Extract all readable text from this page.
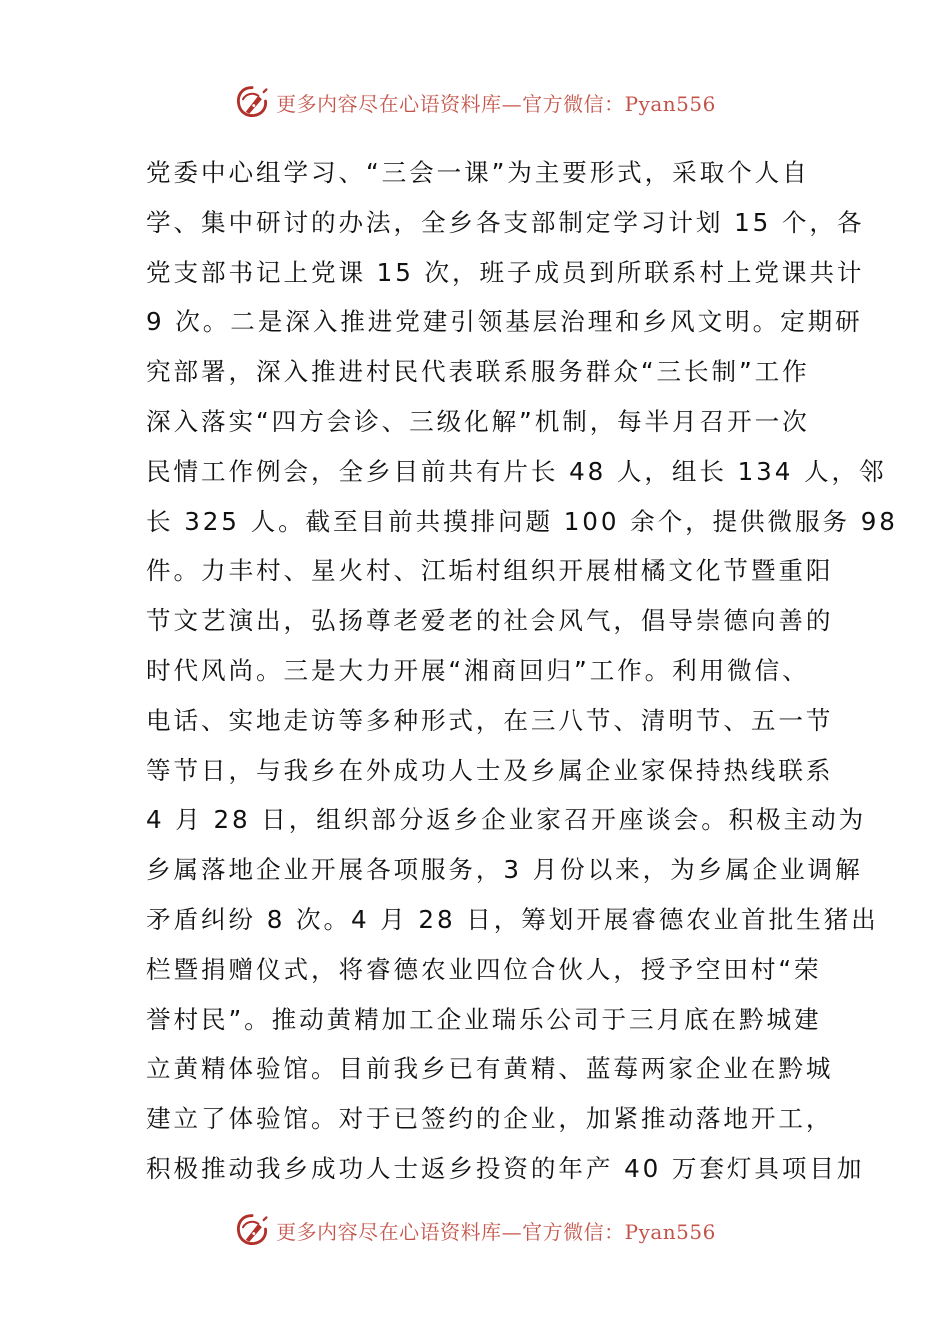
更多内容尽在心语资料库—官方微信：Pyan556
党委中心组学习、“三会一课”为主要形式，采取个人自
学、集中研讨的办法，全乡各支部制定学习计划 15 个，各
党支部书记上党课 15 次，班子成员到所联系村上党课共计
9 次。二是深入推进党建引领基层治理和乡风文明。定期研
究部署，深入推进村民代表联系服务群众“三长制”工作
深入落实“四方会诊、三级化解”机制，每半月召开一次
民情工作例会，全乡目前共有片长 48 人，组长 134 人，邻
长 325 人。截至目前共摸排问题 100 余个，提供微服务 98
件。力丰村、星火村、江垢村组织开展柑橘文化节暨重阳
节文艺演出，弘扬尊老爱老的社会风气，倡导崇德向善的
时代风尚。三是大力开展“湘商回归”工作。利用微信、
电话、实地走访等多种形式，在三八节、清明节、五一节
等节日，与我乡在外成功人士及乡属企业家保持热线联系
4 月 28 日，组织部分返乡企业家召开座谈会。积极主动为
乡属落地企业开展各项服务，3 月份以来，为乡属企业调解
矛盾纠纷 8 次。4 月 28 日，筹划开展睿德农业首批生猪出
栏暨捐赠仪式，将睿德农业四位合伙人，授予空田村“荣
誉村民”。推动黄精加工企业瑞乐公司于三月底在黔城建
立黄精体验馆。目前我乡已有黄精、蓝莓两家企业在黔城
建立了体验馆。对于已签约的企业，加紧推动落地开工，
积极推动我乡成功人士返乡投资的年产 40 万套灯具项目加
更多内容尽在心语资料库—官方微信：Pyan556
